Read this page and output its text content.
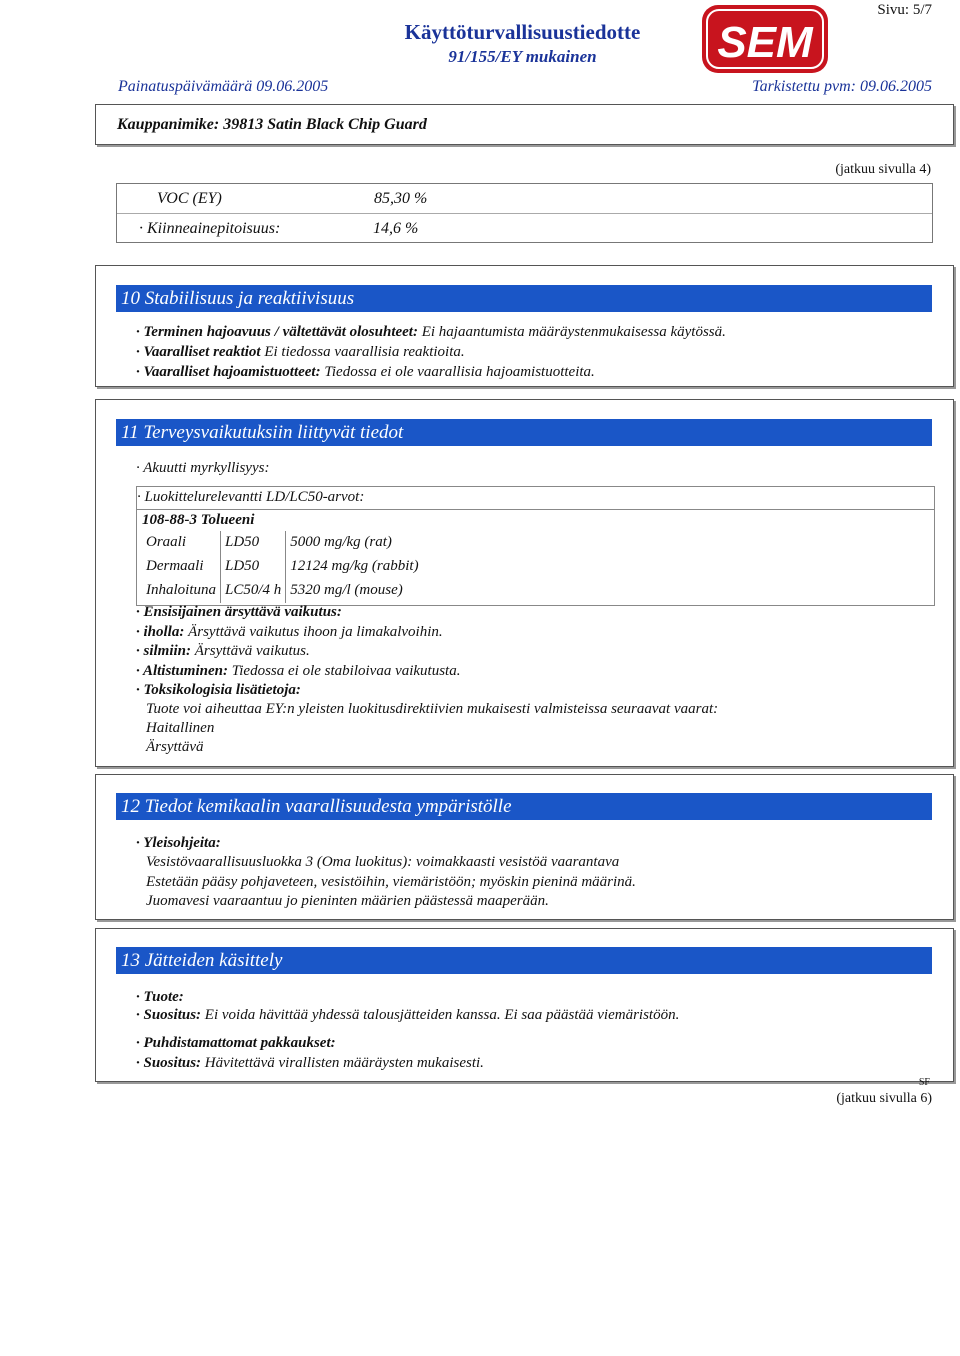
Sivu: 5/7
Käyttöturvallisuustiedotte
91/155/EY mukainen	SEM
Painatuspäivämäärä 09.06.2005	Tarkistettu pvm: 09.06.2005
Kauppanimike: 39813 Satin Black Chip Guard
(jatkuu sivulla 4)
VOC (EY)	85,30 %
· Kiinneainepitoisuus:	14,6 %
10 Stabiilisuus ja reaktiivisuus
· Terminen hajoavuus / vältettävät olosuhteet: Ei hajaantumista määräystenmukaisessa käytössä.
· Vaaralliset reaktiot Ei tiedossa vaarallisia reaktioita.
· Vaaralliset hajoamistuotteet: Tiedossa ei ole vaarallisia hajoamistuotteita.
11 Terveysvaikutuksiin liittyvät tiedot
· Akuutti myrkyllisyys:
· Luokittelurelevantti LD/LC50-arvot:
108-88-3 Tolueeni
Oraali	LD50	5000 mg/kg (rat)
Dermaali	LD50	12124 mg/kg (rabbit)
Inhaloituna	LC50/4 h	5320 mg/l (mouse)
· Ensisijainen ärsyttävä vaikutus:
· iholla: Ärsyttävä vaikutus ihoon ja limakalvoihin.
· silmiin: Ärsyttävä vaikutus.
· Altistuminen: Tiedossa ei ole stabiloivaa vaikutusta.
· Toksikologisia lisätietoja:
Tuote voi aiheuttaa EY:n yleisten luokitusdirektiivien mukaisesti valmisteissa seuraavat vaarat:
Haitallinen
Ärsyttävä
12 Tiedot kemikaalin vaarallisuudesta ympäristölle
· Yleisohjeita:
Vesistövaarallisuusluokka 3 (Oma luokitus): voimakkaasti vesistöä vaarantava
Estetään pääsy pohjaveteen, vesistöihin, viemäristöön; myöskin pieninä määrinä.
Juomavesi vaaraantuu jo pieninten määrien päästessä maaperään.
13 Jätteiden käsittely
· Tuote:
· Suositus: Ei voida hävittää yhdessä talousjätteiden kanssa. Ei saa päästää viemäristöön.
· Puhdistamattomat pakkaukset:
· Suositus: Hävitettävä virallisten määräysten mukaisesti.
SF
(jatkuu sivulla 6)
